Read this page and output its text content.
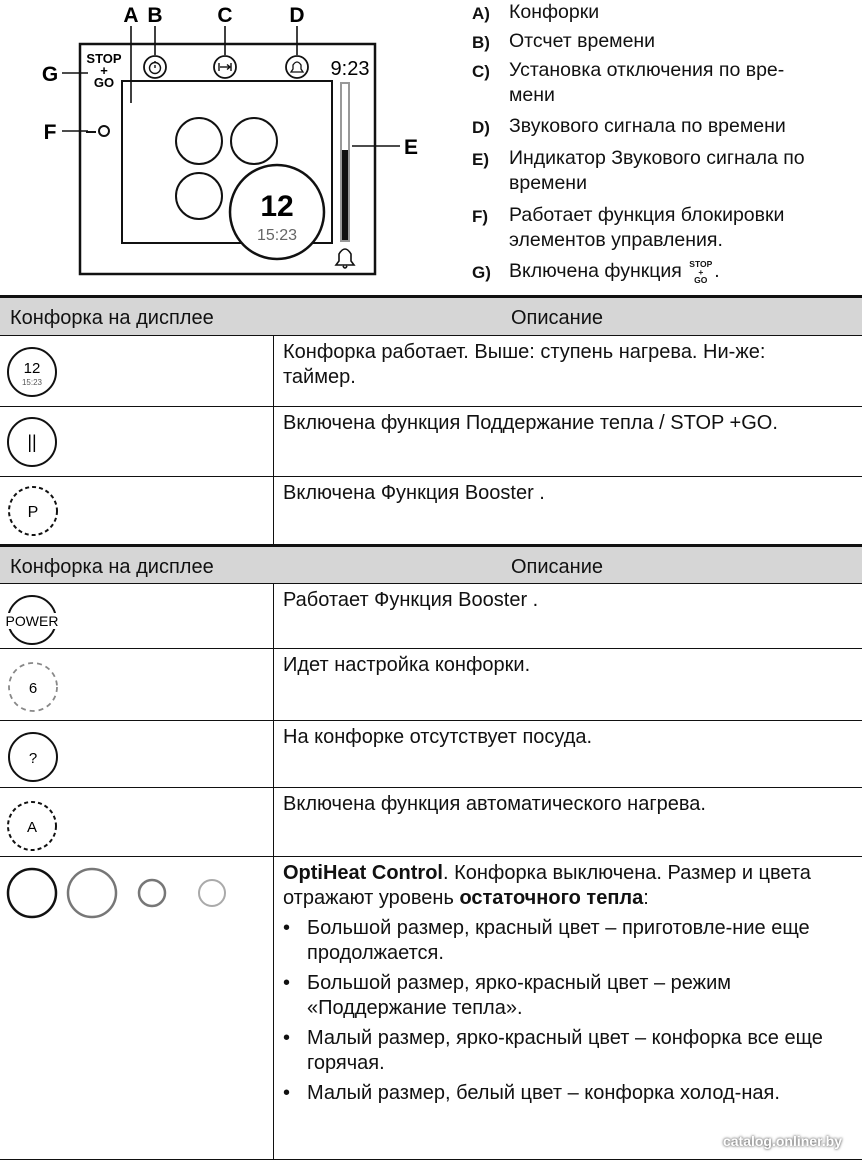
12
15:23
9:23
STOP
+
GO
A B	C	D
E
F
G
A) Конфорки
B) Отсчет времени
C) Установка отключения по вре-мени
D) Звукового сигнала по времени
E) Индикатор Звукового сигнала по времени
F) Работает функция блокировки элементов управления.
G) Включена функция STOP
+
GO .
Конфорка на дисплее	Описание
12
15:23
Конфорка работает. Выше: ступень нагрева. Ни-же: таймер.
||
Включена функция Поддержание тепла / STOP +GO.
P
Включена Функция Booster .
Конфорка на дисплее	Описание
POWER
Работает Функция Booster .
6
Идет настройка конфорки.
?
На конфорке отсутствует посуда.
A
Включена функция автоматического нагрева.
OptiHeat Control. Конфорка выключена. Размер и цвета отражают уровень остаточного тепла:
• Большой размер, красный цвет – приготовле-ние еще продолжается.
• Большой размер, ярко-красный цвет – режим «Поддержание тепла».
• Малый размер, ярко-красный цвет – конфорка все еще горячая.
• Малый размер, белый цвет – конфорка холод-ная.
catalog.onliner.by
